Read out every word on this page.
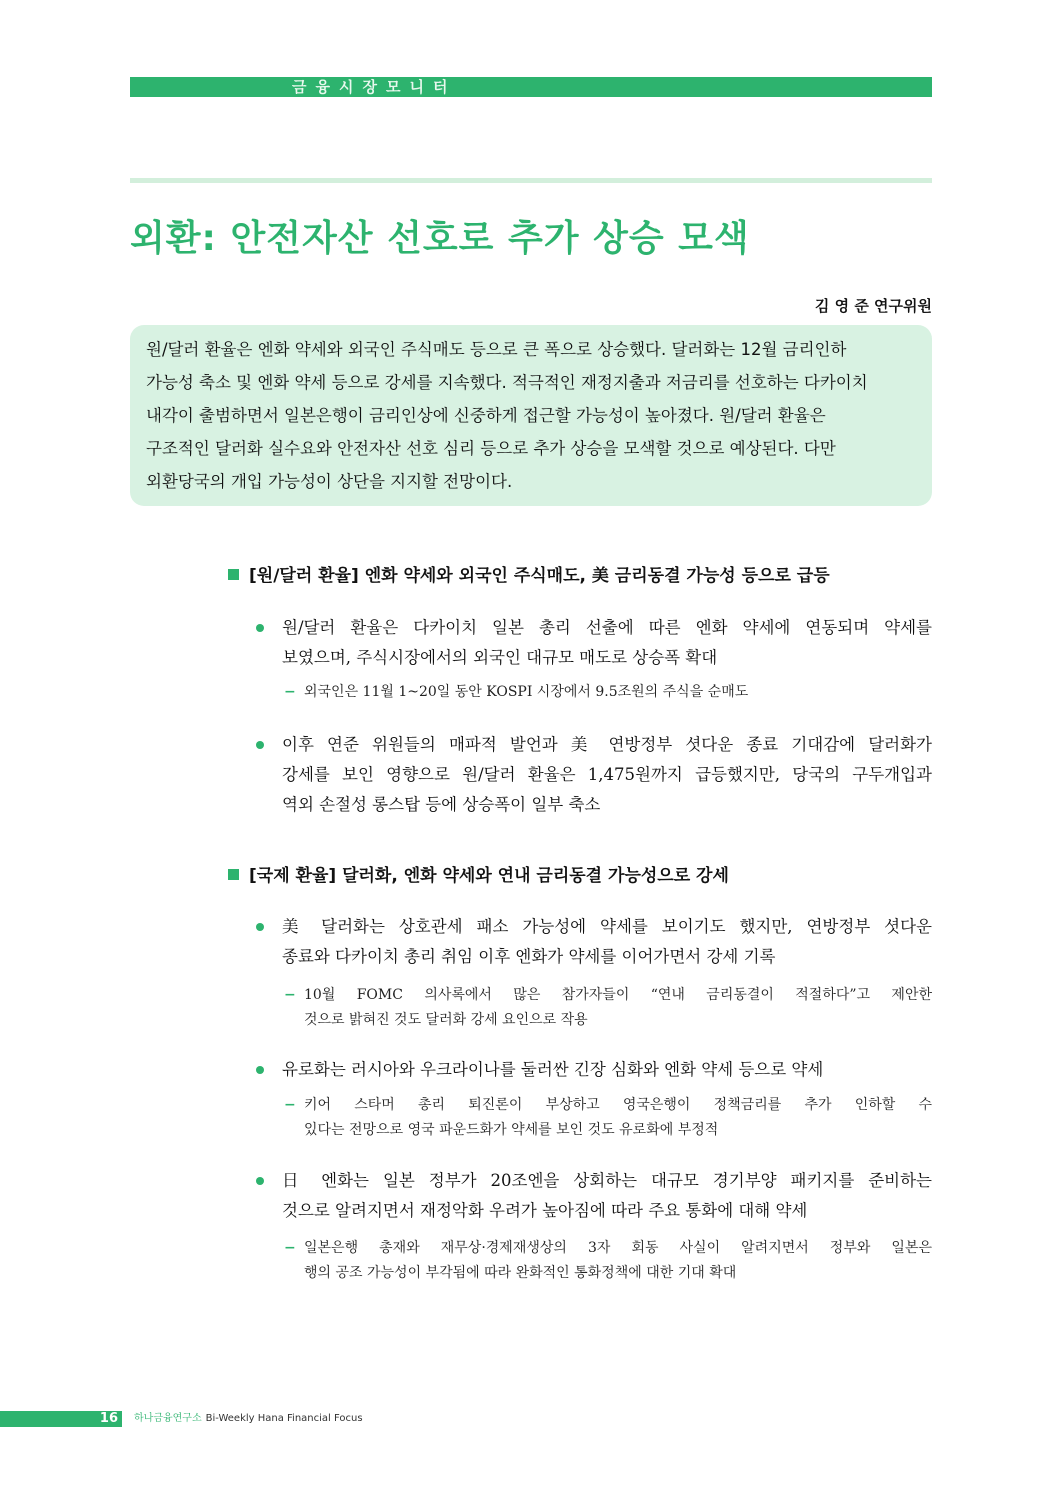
금융시장모니터
외환: 안전자산 선호로 추가 상승 모색
김 영 준 연구위원
원/달러 환율은 엔화 약세와 외국인 주식매도 등으로 큰 폭으로 상승했다. 달러화는 12월 금리인하
가능성 축소 및 엔화 약세 등으로 강세를 지속했다. 적극적인 재정지출과 저금리를 선호하는 다카이치
내각이 출범하면서 일본은행이 금리인상에 신중하게 접근할 가능성이 높아졌다. 원/달러 환율은
구조적인 달러화 실수요와 안전자산 선호 심리 등으로 추가 상승을 모색할 것으로 예상된다. 다만
외환당국의 개입 가능성이 상단을 지지할 전망이다.
[원/달러 환율] 엔화 약세와 외국인 주식매도, 美 금리동결 가능성 등으로 급등
원/달러 환율은 다카이치 일본 총리 선출에 따른 엔화 약세에 연동되며 약세를
보였으며, 주식시장에서의 외국인 대규모 매도로 상승폭 확대
− 외국인은 11월 1~20일 동안 KOSPI 시장에서 9.5조원의 주식을 순매도
이후 연준 위원들의 매파적 발언과 美 연방정부 셧다운 종료 기대감에 달러화가
강세를 보인 영향으로 원/달러 환율은 1,475원까지 급등했지만, 당국의 구두개입과
역외 손절성 롱스탑 등에 상승폭이 일부 축소
[국제 환율] 달러화, 엔화 약세와 연내 금리동결 가능성으로 강세
美 달러화는 상호관세 패소 가능성에 약세를 보이기도 했지만, 연방정부 셧다운
종료와 다카이치 총리 취임 이후 엔화가 약세를 이어가면서 강세 기록
− 10월 FOMC 의사록에서 많은 참가자들이 “연내 금리동결이 적절하다”고 제안한
것으로 밝혀진 것도 달러화 강세 요인으로 작용
유로화는 러시아와 우크라이나를 둘러싼 긴장 심화와 엔화 약세 등으로 약세
− 키어 스타머 총리 퇴진론이 부상하고 영국은행이 정책금리를 추가 인하할 수
있다는 전망으로 영국 파운드화가 약세를 보인 것도 유로화에 부정적
日 엔화는 일본 정부가 20조엔을 상회하는 대규모 경기부양 패키지를 준비하는
것으로 알려지면서 재정악화 우려가 높아짐에 따라 주요 통화에 대해 약세
− 일본은행 총재와 재무상·경제재생상의 3자 회동 사실이 알려지면서 정부와 일본은
행의 공조 가능성이 부각됨에 따라 완화적인 통화정책에 대한 기대 확대
16 하나금융연구소 Bi-Weekly Hana Financial Focus
